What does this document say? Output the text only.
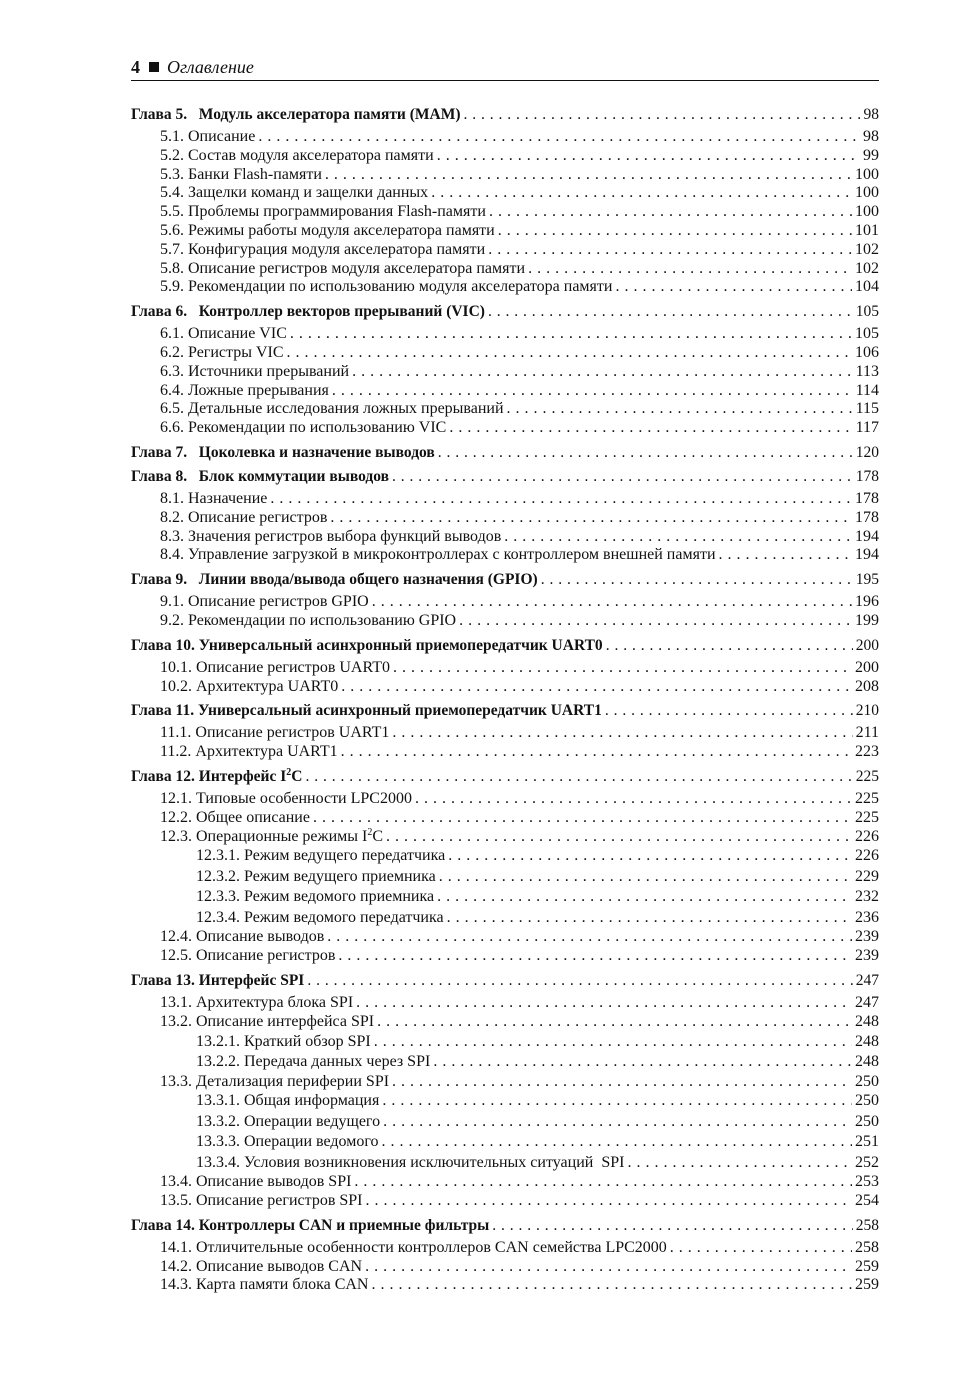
4 Оглавление
Глава 5.   Модуль акселератора памяти (MAM) . . .	98
5.1. Описание . . .	98
5.2. Состав модуля акселератора памяти . . .	99
5.3. Банки Flash-памяти . . .	100
5.4. Защелки команд и защелки данных . . .	100
5.5. Проблемы программирования Flash-памяти . . .	100
5.6. Режимы работы модуля акселератора памяти . . .	101
5.7. Конфигурация модуля акселератора памяти . . .	102
5.8. Описание регистров модуля акселератора памяти . . .	102
5.9. Рекомендации по использованию модуля акселератора памяти . . .	104
Глава 6.   Контроллер векторов прерываний (VIC) . . .	105
6.1. Описание VIC . . .	105
6.2. Регистры VIC . . .	106
6.3. Источники прерываний . . .	113
6.4. Ложные прерывания . . .	114
6.5. Детальные исследования ложных прерываний . . .	115
6.6. Рекомендации по использованию VIC . . .	117
Глава 7.   Цоколевка и назначение выводов . . .	120
Глава 8.   Блок коммутации выводов . . .	178
8.1. Назначение . . .	178
8.2. Описание регистров . . .	178
8.3. Значения регистров выбора функций выводов . . .	194
8.4. Управление загрузкой в микроконтроллерах с контроллером внешней памяти . . .	194
Глава 9.   Линии ввода/вывода общего назначения (GPIO) . . .	195
9.1. Описание регистров GPIO . . .	196
9.2. Рекомендации по использованию GPIO . . .	199
Глава 10. Универсальный асинхронный приемопередатчик UART0 . . .	200
10.1. Описание регистров UART0 . . .	200
10.2. Архитектура UART0 . . .	208
Глава 11. Универсальный асинхронный приемопередатчик UART1 . . .	210
11.1. Описание регистров UART1 . . .	211
11.2. Архитектура UART1 . . .	223
Глава 12. Интерфейс $I^2C$ . . .	225
12.1. Типовые особенности LPC2000 . . .	225
12.2. Общее описание . . .	225
12.3. Операционные режимы $I^2C$ . . .	226
12.3.1. Режим ведущего передатчика . . .	226
12.3.2. Режим ведущего приемника . . .	229
12.3.3. Режим ведомого приемника . . .	232
12.3.4. Режим ведомого передатчика . . .	236
12.4. Описание выводов . . .	239
12.5. Описание регистров . . .	239
Глава 13. Интерфейс SPI . . .	247
13.1. Архитектура блока SPI . . .	247
13.2. Описание интерфейса SPI . . .	248
13.2.1. Краткий обзор SPI . . .	248
13.2.2. Передача данных через SPI . . .	248
13.3. Детализация периферии SPI . . .	250
13.3.1. Общая информация . . .	250
13.3.2. Операции ведущего . . .	250
13.3.3. Операции ведомого . . .	251
13.3.4. Условия возникновения исключительных ситуаций  SPI . . .	252
13.4. Описание выводов SPI . . .	253
13.5. Описание регистров SPI . . .	254
Глава 14. Контроллеры CAN и приемные фильтры . . .	258
14.1. Отличительные особенности контроллеров CAN семейства LPC2000 . . .	258
14.2. Описание выводов CAN . . .	259
14.3. Карта памяти блока CAN . . .	259
